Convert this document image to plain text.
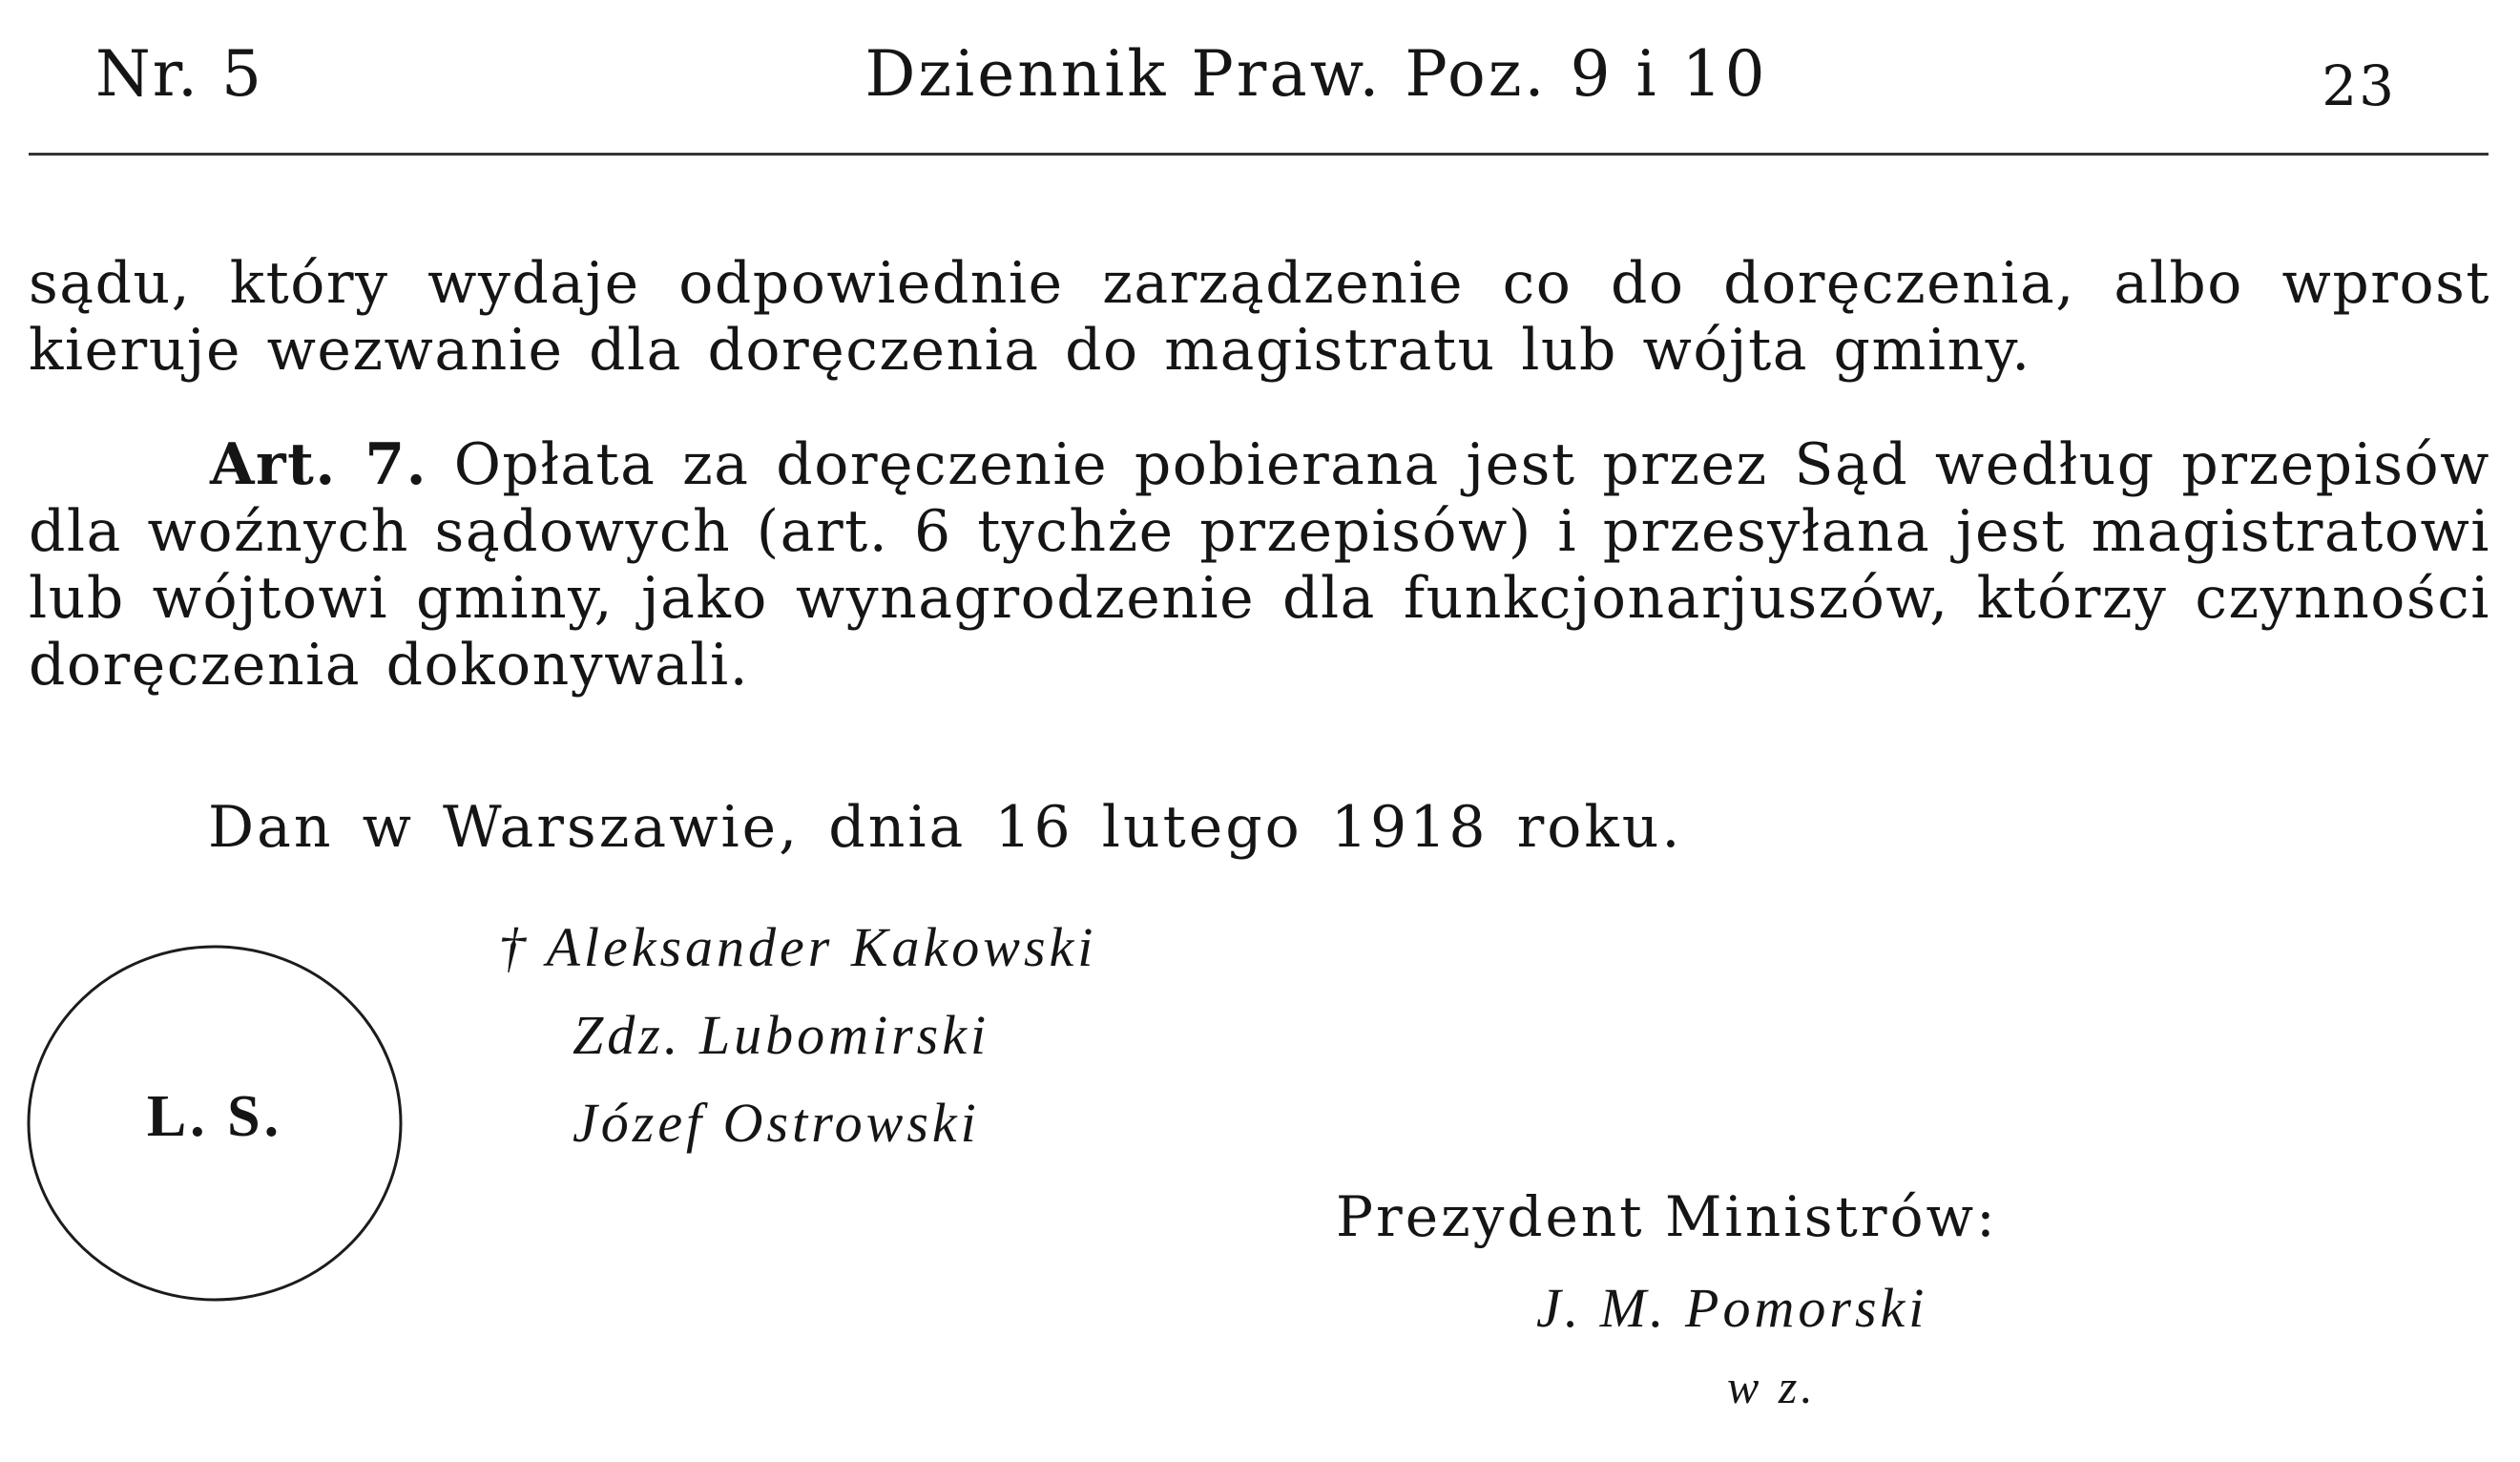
Nr. 5	Dziennik Praw. Poz. 9 i 10	23

sądu, który wydaje odpowiednie zarządzenie co do doręczenia, albo wprost kieruje wezwanie dla doręczenia do magistratu lub wójta gminy.

Art. 7. Opłata za doręczenie pobierana jest przez Sąd według przepisów dla woźnych sądowych (art. 6 tychże przepisów) i przesyłana jest magistratowi lub wójtowi gminy, jako wynagrodzenie dla funkcjonarjuszów, którzy czynności doręczenia dokonywali.

Dan w Warszawie, dnia 16 lutego 1918 roku.
L. S.
† Aleksander Kakowski
Zdz. Lubomirski
Józef Ostrowski
Prezydent Ministrów:
J. M. Pomorski
w z.
